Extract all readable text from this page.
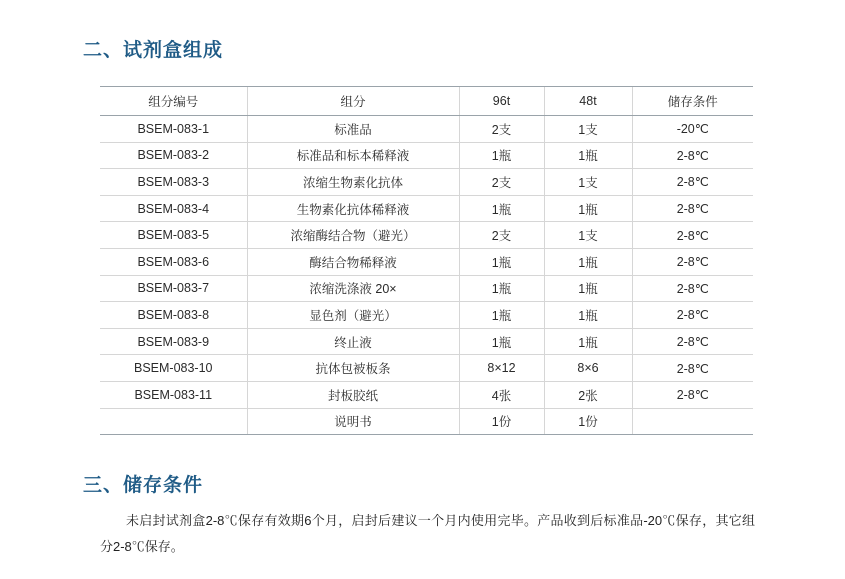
二、试剂盒组成
组分编号	组分	96t	48t	储存条件
BSEM-083-1	标准品	2支	1支	-20℃
BSEM-083-2	标准品和标本稀释液	1瓶	1瓶	2-8℃
BSEM-083-3	浓缩生物素化抗体	2支	1支	2-8℃
BSEM-083-4	生物素化抗体稀释液	1瓶	1瓶	2-8℃
BSEM-083-5	浓缩酶结合物（避光）	2支	1支	2-8℃
BSEM-083-6	酶结合物稀释液	1瓶	1瓶	2-8℃
BSEM-083-7	浓缩洗涤液 20×	1瓶	1瓶	2-8℃
BSEM-083-8	显色剂（避光）	1瓶	1瓶	2-8℃
BSEM-083-9	终止液	1瓶	1瓶	2-8℃
BSEM-083-10	抗体包被板条	8×12	8×6	2-8℃
BSEM-083-11	封板胶纸	4张	2张	2-8℃
	说明书	1份	1份	
三、储存条件
未启封试剂盒2-8℃保存有效期6个月，启封后建议一个月内使用完毕。产品收到后标准品-20℃保存，其它组分2-8℃保存。
